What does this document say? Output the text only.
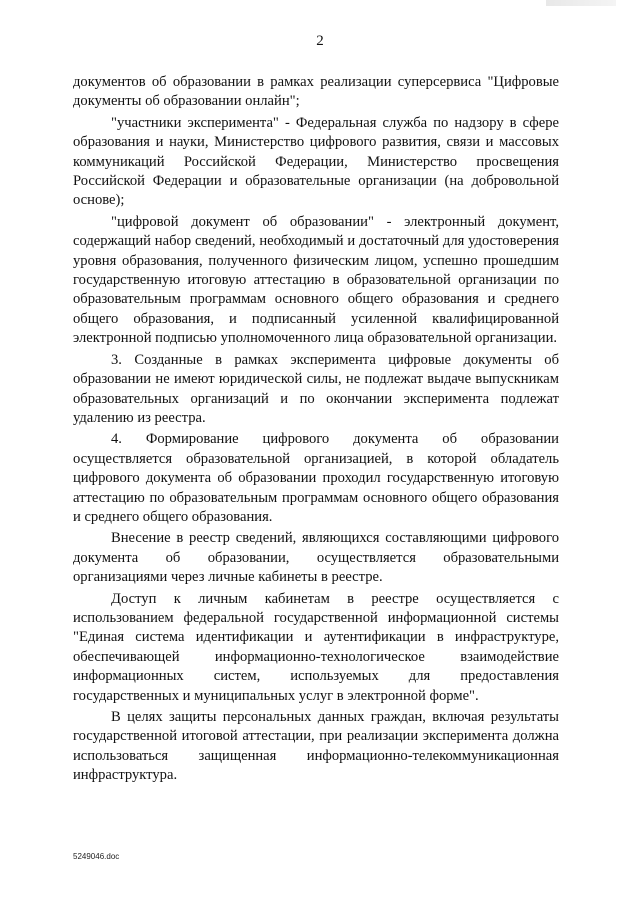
2

документов об образовании в рамках реализации суперсервиса "Цифровые документы об образовании онлайн";

"участники эксперимента" - Федеральная служба по надзору в сфере образования и науки, Министерство цифрового развития, связи и массовых коммуникаций Российской Федерации, Министерство просвещения Российской Федерации и образовательные организации (на добровольной основе);

"цифровой документ об образовании" - электронный документ, содержащий набор сведений, необходимый и достаточный для удостоверения уровня образования, полученного физическим лицом, успешно прошедшим государственную итоговую аттестацию в образовательной организации по образовательным программам основного общего образования и среднего общего образования, и подписанный усиленной квалифицированной электронной подписью уполномоченного лица образовательной организации.

3. Созданные в рамках эксперимента цифровые документы об образовании не имеют юридической силы, не подлежат выдаче выпускникам образовательных организаций и по окончании эксперимента подлежат удалению из реестра.

4. Формирование цифрового документа об образовании осуществляется образовательной организацией, в которой обладатель цифрового документа об образовании проходил государственную итоговую аттестацию по образовательным программам основного общего образования и среднего общего образования.

Внесение в реестр сведений, являющихся составляющими цифрового документа об образовании, осуществляется образовательными организациями через личные кабинеты в реестре.

Доступ к личным кабинетам в реестре осуществляется с использованием федеральной государственной информационной системы "Единая система идентификации и аутентификации в инфраструктуре, обеспечивающей информационно-технологическое взаимодействие информационных систем, используемых для предоставления государственных и муниципальных услуг в электронной форме".

В целях защиты персональных данных граждан, включая результаты государственной итоговой аттестации, при реализации эксперимента должна использоваться защищенная информационно-телекоммуникационная инфраструктура.

5249046.doc
